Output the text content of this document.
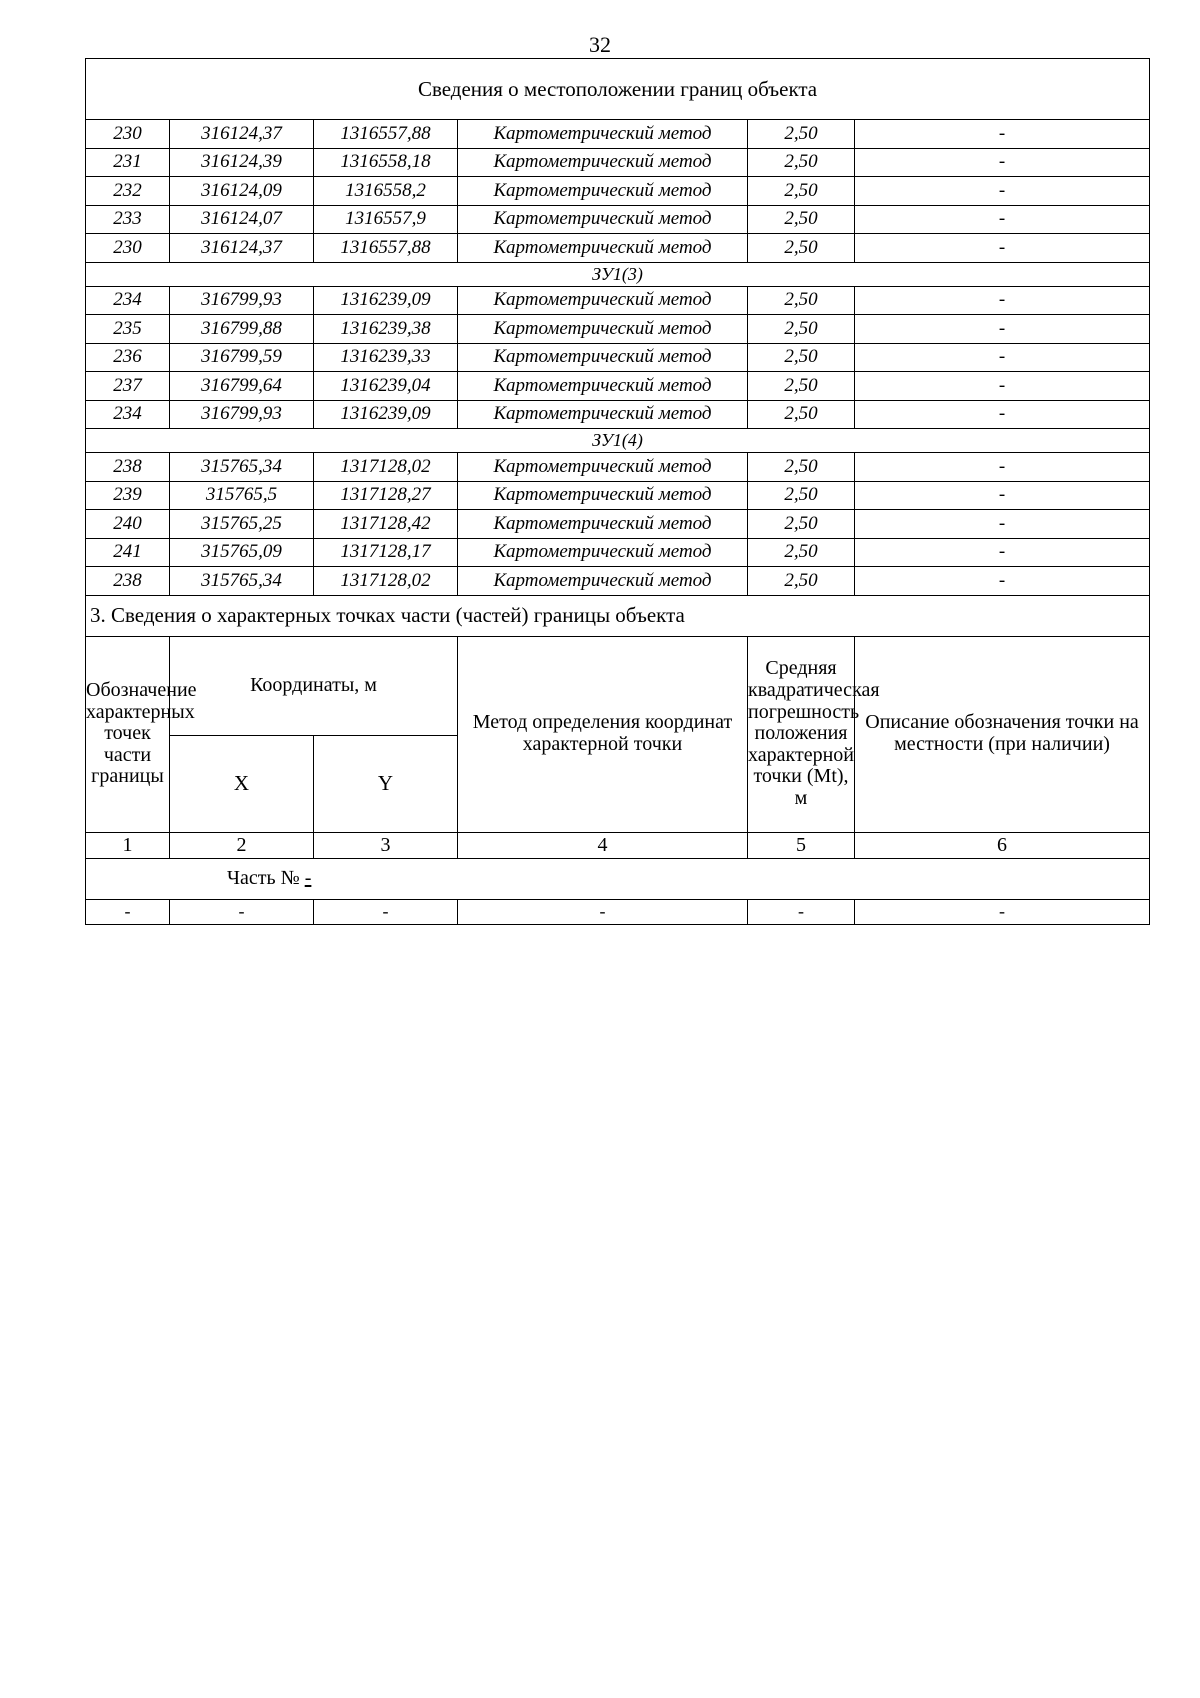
32
Сведения о местоположении границ объекта					
230	316124,37	1316557,88	Картометрический метод	2,50	-
231	316124,39	1316558,18	Картометрический метод	2,50	-
232	316124,09	1316558,2	Картометрический метод	2,50	-
233	316124,07	1316557,9	Картометрический метод	2,50	-
230	316124,37	1316557,88	Картометрический метод	2,50	-
ЗУ1(3)					
234	316799,93	1316239,09	Картометрический метод	2,50	-
235	316799,88	1316239,38	Картометрический метод	2,50	-
236	316799,59	1316239,33	Картометрический метод	2,50	-
237	316799,64	1316239,04	Картометрический метод	2,50	-
234	316799,93	1316239,09	Картометрический метод	2,50	-
ЗУ1(4)					
238	315765,34	1317128,02	Картометрический метод	2,50	-
239	315765,5	1317128,27	Картометрический метод	2,50	-
240	315765,25	1317128,42	Картометрический метод	2,50	-
241	315765,09	1317128,17	Картометрический метод	2,50	-
238	315765,34	1317128,02	Картометрический метод	2,50	-
3. Сведения о характерных точках части (частей) границы объекта					
Обозначение характерных точек части границы	Координаты, м		Метод определения координат характерной точки	Средняя квадратическая погрешность положения характерной точки (Mt), м	Описание обозначения точки на местности (при наличии)
	X	Y			
1	2	3	4	5	6
Часть № -					
-	-	-	-	-	-
